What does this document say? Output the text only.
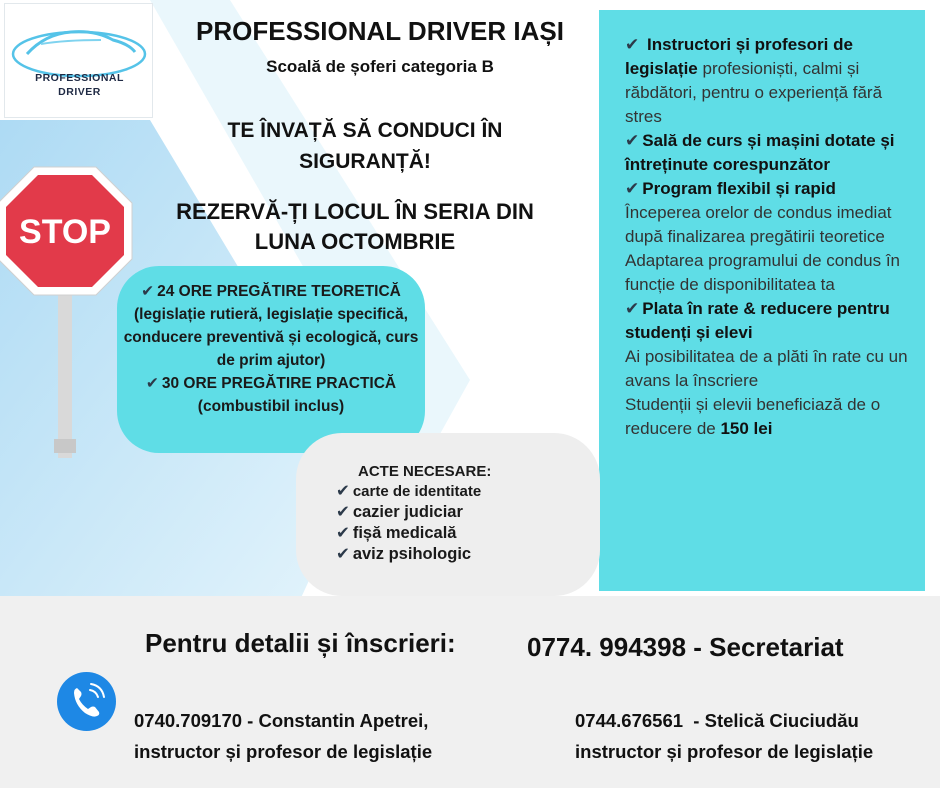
PROFESSIONAL
DRIVER
PROFESSIONAL DRIVER IAȘI
Scoală de șoferi categoria B
TE ÎNVAȚĂ SĂ CONDUCI ÎN
SIGURANȚĂ!
REZERVĂ-ȚI LOCUL ÎN SERIA DIN
LUNA OCTOMBRIE
STOP
✔ 24 ORE PREGĂTIRE TEORETICĂ (legislație rutieră, legislație specifică, conducere preventivă și ecologică, curs de prim ajutor)
✔ 30 ORE PREGĂTIRE PRACTICĂ (combustibil inclus)
ACTE NECESARE:
✔ carte de identitate
✔ cazier judiciar
✔ fișă medicală
✔ aviz psihologic
✔ Instructori și profesori de legislație profesioniști, calmi și răbdători, pentru o experiență fără stres
✔ Sală de curs și mașini dotate și întreținute corespunzător
✔ Program flexibil și rapid
Începerea orelor de condus imediat după finalizarea pregătirii teoretice
Adaptarea programului de condus în funcție de disponibilitatea ta
✔ Plata în rate & reducere pentru studenți și elevi
Ai posibilitatea de a plăti în rate cu un avans la înscriere
Studenții și elevii beneficiază de o reducere de 150 lei
Pentru detalii și înscrieri:	0774. 994398 - Secretariat
0740.709170 - Constantin Apetrei,
instructor și profesor de legislație
0744.676561  - Stelică Ciuciudău
instructor și profesor de legislație
